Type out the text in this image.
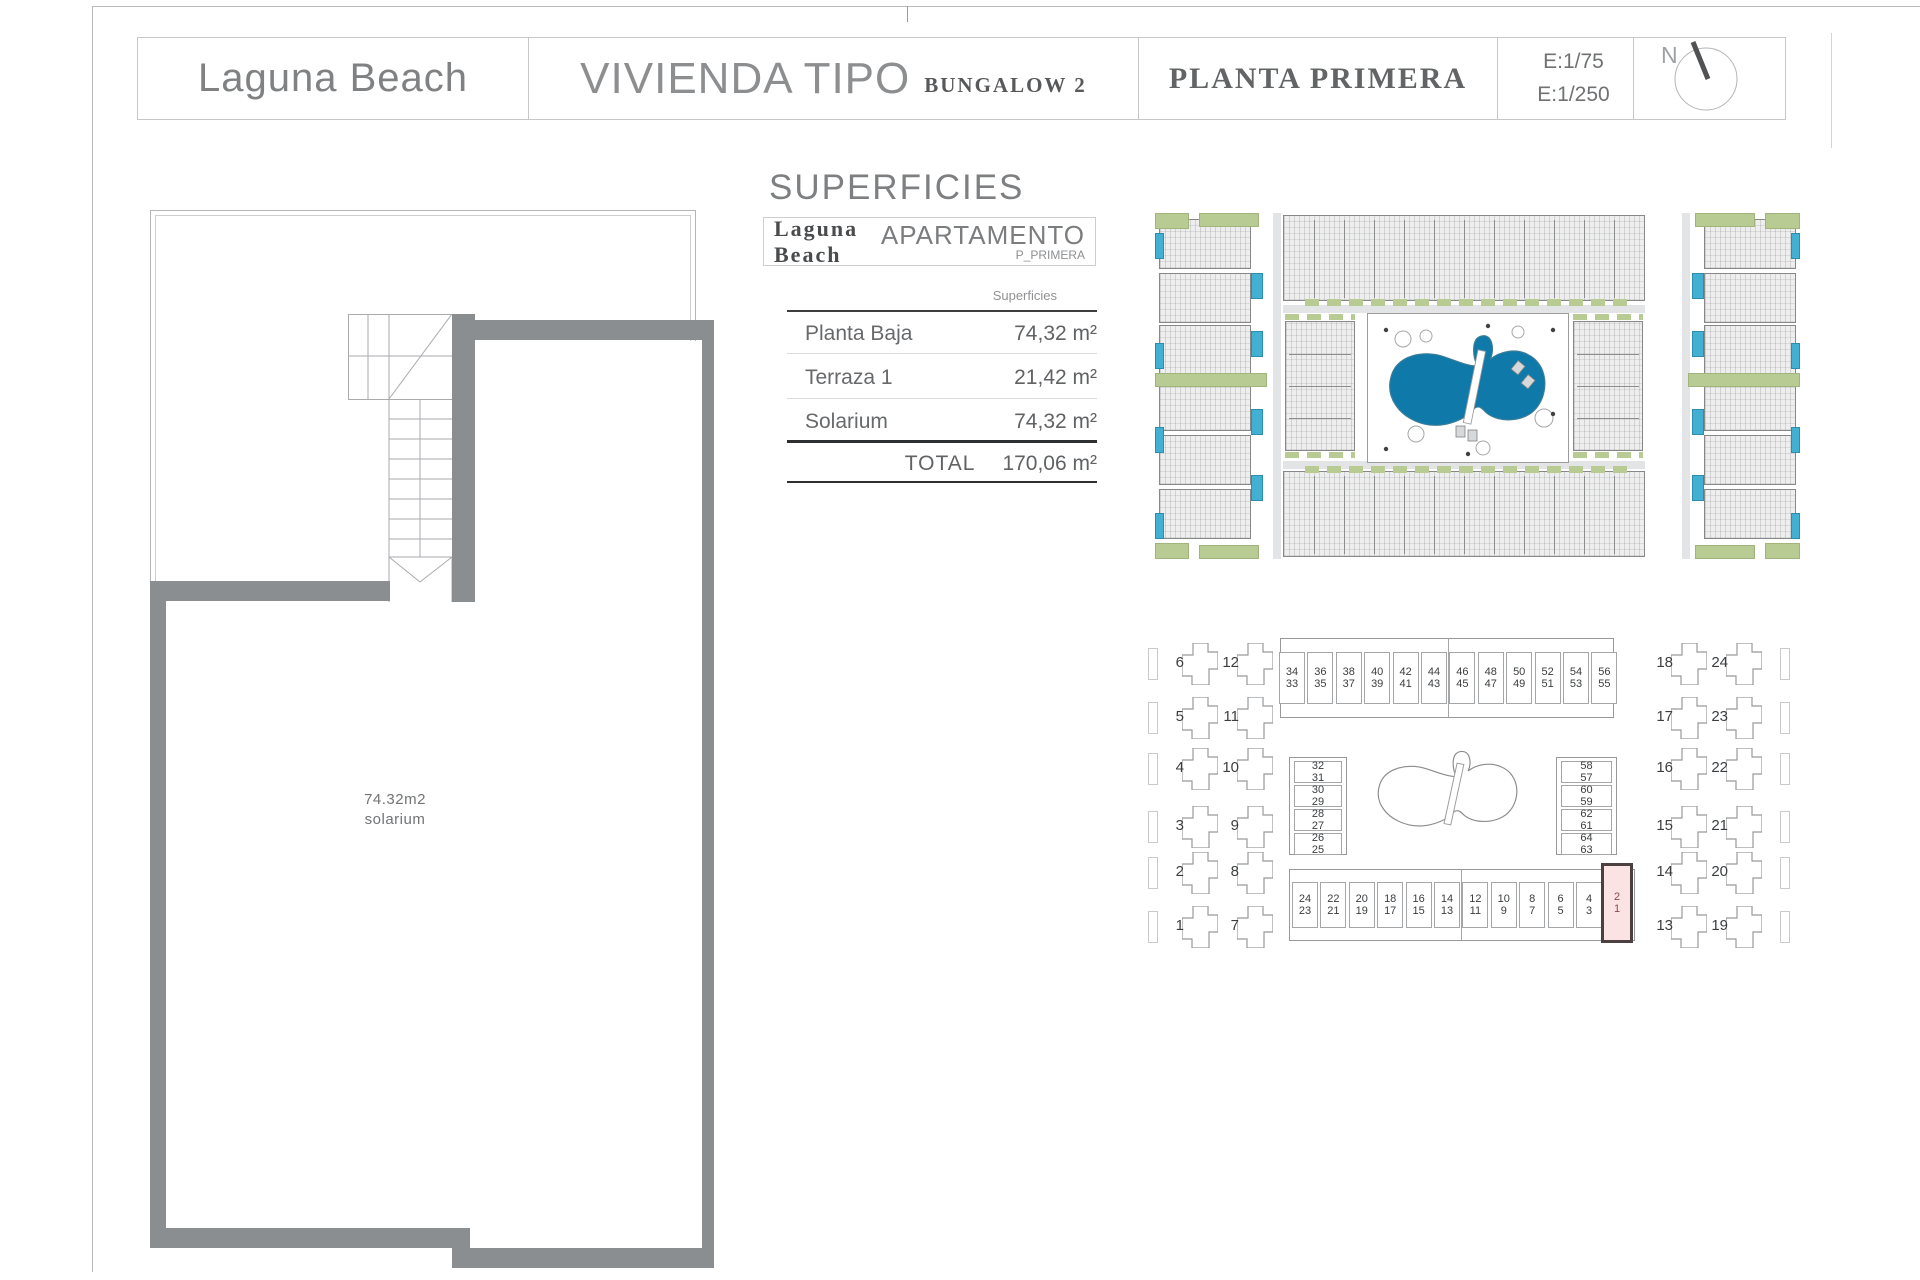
Laguna Beach	VIVIENDA TIPO BUNGALOW 2	PLANTA PRIMERA
E:1/75
E:1/250
N
SUPERFICIES
Laguna Beach
APARTAMENTO
P_PRIMERA
Superficies
Planta Baja	74,32 m²
Terraza 1	21,42 m²
Solarium	74,32 m²
TOTAL 170,06 m²
74.32m2
solarium
6
5
4
3
2
1
12
11
10
9
8
7
18
17
16
15
14
13
24
23
22
21
20
19
34
33
36
35
38
37
40
39
42
41
44
43
46
45
48
47
50
49
52
51
54
53
56
55
32
31
30
29
28
27
26
25
58
57
60
59
62
61
64
63
24
23
22
21
20
19
18
17
16
15
14
13
12
11
10
9
8
7
6
5
4
3
2
1
